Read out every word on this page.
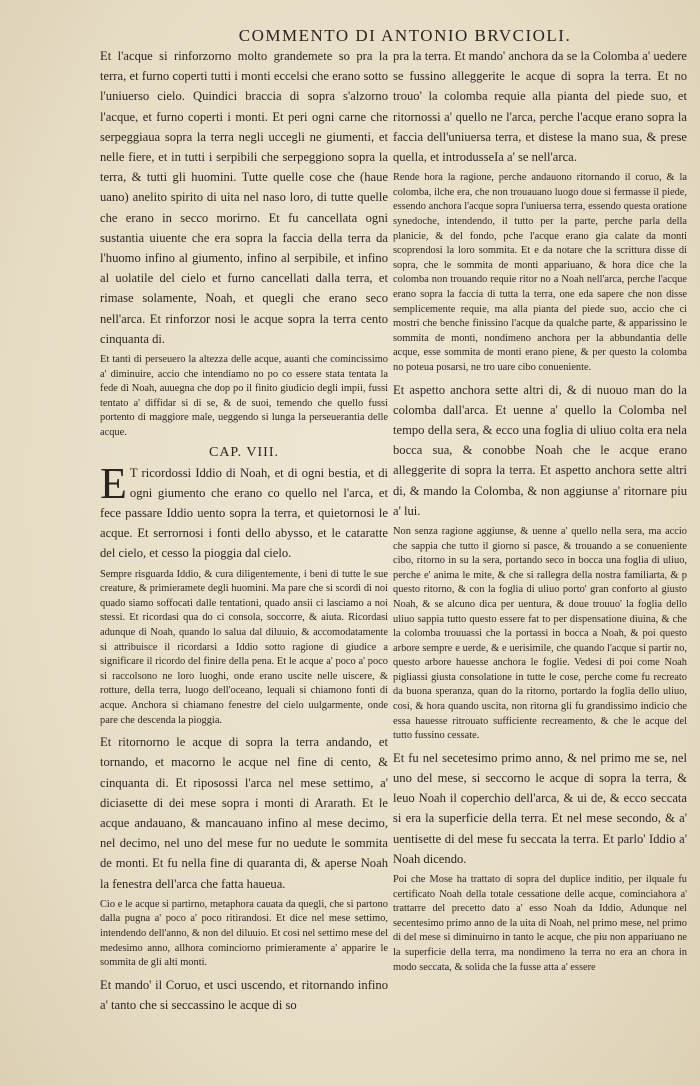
COMMENTO DI ANTONIO BRVCIOLI.

Et l'acque si rinforzorno molto grandemete so pra la terra, et furno coperti tutti i monti eccelsi che erano sotto l'uniuerso cielo. Quindici braccia di sopra s'alzorno l'acque, et furno coperti i monti. Et peri ogni carne che serpeggiaua sopra la terra negli uccegli ne giumenti, et nelle fiere, et in tutti i serpibili che serpeggiono sopra la terra, & tutti gli huomini. Tutte quelle cose che (haue uano) anelito spirito di uita nel naso loro, di tutte quelle che erano in secco morirno. Et fu cancellata ogni sustantia uiuente che era sopra la faccia della terra da l'huomo infino al giumento, infino al serpibile, et infino al uolatile del cielo et furno cancellati dalla terra, et rimase solamente, Noah, et quegli che erano seco nell'arca. Et rinforzor nosi le acque sopra la terra cento cinquanta di.

Et tanti di perseuero la altezza delle acque, auanti che comincissimo a' diminuire, accio che intendiamo no po co essere stata tentata la fede di Noah, auuegna che dop po il finito giudicio degli impii, fussi tentato a' diffidar si di se, & de suoi, temendo che quello fussi portento di maggiore male, ueggendo si lunga la perseuerantia delle acque.

CAP. VIII.

E T ricordossi Iddio di Noah, et di ogni bestia, et di ogni giumento che erano co quello nel l'arca, et fece passare Iddio uento sopra la terra, et quietornosi le acque. Et serrornosi i fonti dello abysso, et le cataratte del cielo, et cesso la pioggia dal cielo.

Sempre risguarda Iddio, & cura diligentemente, i beni di tutte le sue creature, & primieramete degli huomini. Ma pare che si scordi di noi quado siamo soffocati dalle tentationi, quado ansii ci lasciamo a noi stessi. Et ricordasi qua do ci consola, soccorre, & aiuta. Ricordasi adunque di Noah, quando lo salua dal diluuio, & accomodatamente si attribuisce il ricordarsi a Iddio sotto ragione di giudice a significare il ricordo del finire della pena. Et le acque a' poco a' poco si raccolsono ne loro luoghi, onde erano uscite nelle uiscere, & rotture, della terra, luogo dell'oceano, lequali si chiamono fonti di acque. Anchora si chiamano fenestre del cielo uulgarmente, onde pare che descenda la pioggia.

Et ritornorno le acque di sopra la terra andando, et tornando, et macorno le acque nel fine di cento, & cinquanta di. Et riposossi l'arca nel mese settimo, a' diciasette di dei mese sopra i monti di Ararath. Et le acque andauano, & mancauano infino al mese decimo, nel decimo, nel uno del mese fur no uedute le sommita de monti. Et fu nella fine di quaranta di, & aperse Noah la fenestra dell'arca che fatta haueua.

Cio e le acque si partirno, metaphora cauata da quegli, che si partono dalla pugna a' poco a' poco ritirandosi. Et dice nel mese settimo, intendendo dell'anno, & non del diluuio. Et cosi nel settimo mese del medesimo anno, allhora cominciorno primieramente a' apparire le sommita de gli alti monti.

Et mando' il Coruo, et usci uscendo, et ritornando infino a' tanto che si seccassino le acque di so

pra la terra. Et mando' anchora da se la Colomba a' uedere se fussino alleggerite le acque di sopra la terra. Et no trouo' la colomba requie alla pianta del piede suo, et ritornossi a' quello ne l'arca, perche l'acque erano sopra la faccia dell'uniuersa terra, et distese la mano sua, & prese quella, et introdusseIa a' se nell'arca.

Rende hora la ragione, perche andauono ritornando il coruo, & la colomba, ilche era, che non trouauano luogo doue si fermasse il piede, essendo anchora l'acque sopra l'uniuersa terra, essendo questa oratione synedoche, intendendo, il tutto per la parte, perche parla della planicie, & del fondo, pche l'acque erano gia calate da monti scoprendosi la loro sommita. Et e da notare che la scrittura disse di sopra, che le sommita de monti appariuano, & hora dice che la colomba non trouando requie ritor no a Noah nell'arca, perche l'acque erano sopra la faccia di tutta la terra, one eda sapere che non disse semplicemente requie, ma alla pianta del piede suo, accio che ci mostri che benche finissino l'acque da qualche parte, & apparissino le sommita de monti, nondimeno anchora per la abbundantia delle acque, esse sommita de monti erano piene, & per questo la colomba no poteua posarsi, ne tro uare cibo conueniente.

Et aspetto anchora sette altri di, & di nuouo man do la colomba dall'arca. Et uenne a' quello la Colomba nel tempo della sera, & ecco una foglia di uliuo colta era nela bocca sua, & conobbe Noah che le acque erano alleggerite di sopra la terra. Et aspetto anchora sette altri di, & mando la Colomba, & non aggiunse a' ritornare piu a' lui.

Non senza ragione aggiunse, & uenne a' quello nella sera, ma accio che sappia che tutto il giorno si pasce, & trouando a se conueniente cibo, ritorno in su la sera, portando seco in bocca una foglia di uliuo, perche e' anima le mite, & che si rallegra della nostra familiarta, & p questo ritorno, & con la foglia di uliuo porto' gran conforto al giusto Noah, & se alcuno dica per uentura, & doue trouuo' la foglia dello uliuo sappia tutto questo essere fat to per dispensatione diuina, & che la colomba trouuassi che la portassi in bocca a Noah, & poi questo arbore sempre e uerde, & e uerisimile, che quando l'acque si partir no, questo arbore hauesse anchora le foglie. Vedesi di poi come Noah pigliassi giusta consolatione in tutte le cose, perche come fu recreato da buona speranza, quan do la ritorno, portardo la foglia dello uliuo, cosi, & hora quando uscita, non ritorna gli fu grandissimo indicio che essa hauesse ritrouato sufficiente recreamento, & che le acque del tutto fussino cessate.

Et fu nel secetesimo primo anno, & nel primo me se, nel uno del mese, si seccorno le acque di sopra la terra, & leuo Noah il coperchio dell'arca, & ui de, & ecco seccata si era la superficie della terra. Et nel mese secondo, & a' uentisette di del mese fu seccata la terra. Et parlo' Iddio a' Noah dicendo.

Poi che Mose ha trattato di sopra del duplice inditio, per ilquale fu certificato Noah della totale cessatione delle acque, cominciahora a' trattarre del precetto dato a' esso Noah da Iddio, Adunque nel secentesimo primo anno de la uita di Noah, nel primo mese, nel primo di del mese si diminuirno in tanto le acque, che piu non appariuano ne la superficie della terra, ma nondimeno la terra no era an chora in modo seccata, & solida che la fusse atta a' essere
